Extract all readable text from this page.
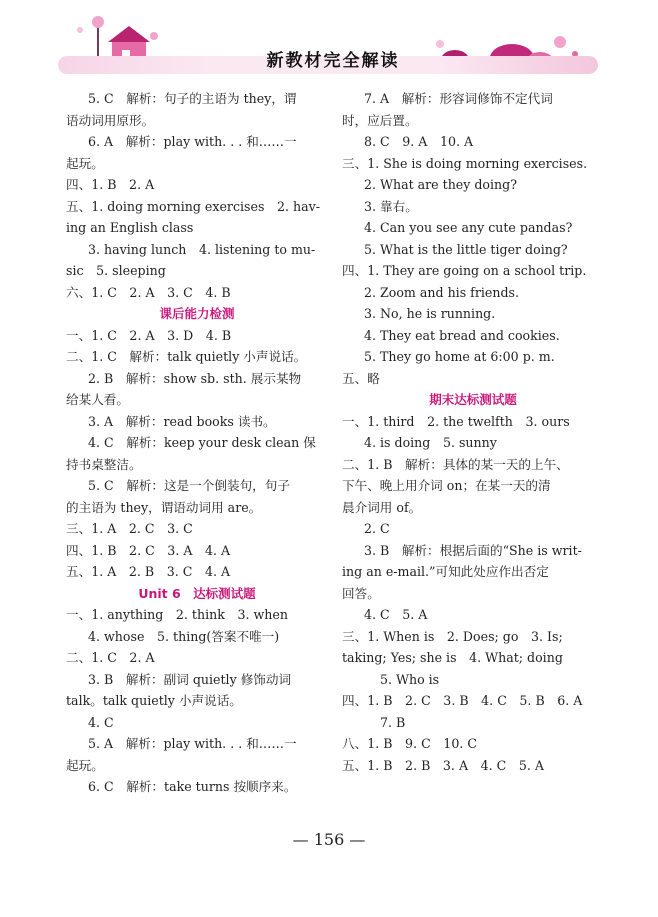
新教材完全解读
5. C　解析：句子的主语为 they，谓
语动词用原形。
6. A　解析：play with. . . 和……一
起玩。
四、1. B　2. A
五、1. doing morning exercises　2. hav-
ing an English class
3. having lunch　4. listening to mu-
sic　5. sleeping
六、1. C　2. A　3. C　4. B
课后能力检测
一、1. C　2. A　3. D　4. B
二、1. C　解析：talk quietly 小声说话。
2. B　解析：show sb. sth. 展示某物
给某人看。
3. A　解析：read books 读书。
4. C　解析：keep your desk clean 保
持书桌整洁。
5. C　解析：这是一个倒装句，句子
的主语为 they，谓语动词用 are。
三、1. A　2. C　3. C
四、1. B　2. C　3. A　4. A
五、1. A　2. B　3. C　4. A
Unit 6　达标测试题
一、1. anything　2. think　3. when
4. whose　5. thing(答案不唯一)
二、1. C　2. A
3. B　解析：副词 quietly 修饰动词
talk。talk quietly 小声说话。
4. C
5. A　解析：play with. . . 和……一
起玩。
6. C　解析：take turns 按顺序来。
7. A　解析：形容词修饰不定代词
时，应后置。
8. C　9. A　10. A
三、1. She is doing morning exercises.
2. What are they doing?
3. 靠右。
4. Can you see any cute pandas?
5. What is the little tiger doing?
四、1. They are going on a school trip.
2. Zoom and his friends.
3. No, he is running.
4. They eat bread and cookies.
5. They go home at 6:00 p. m.
五、略
期末达标测试题
一、1. third　2. the twelfth　3. ours
4. is doing　5. sunny
二、1. B　解析：具体的某一天的上午、
下午、晚上用介词 on；在某一天的清
晨介词用 of。
2. C
3. B　解析：根据后面的“She is writ-
ing an e-mail.”可知此处应作出否定
回答。
4. C　5. A
三、1. When is　2. Does; go　3. Is;
taking; Yes; she is　4. What; doing
5. Who is
四、1. B　2. C　3. B　4. C　5. B　6. A
7. B
八、1. B　9. C　10. C
五、1. B　2. B　3. A　4. C　5. A
— 156 —
